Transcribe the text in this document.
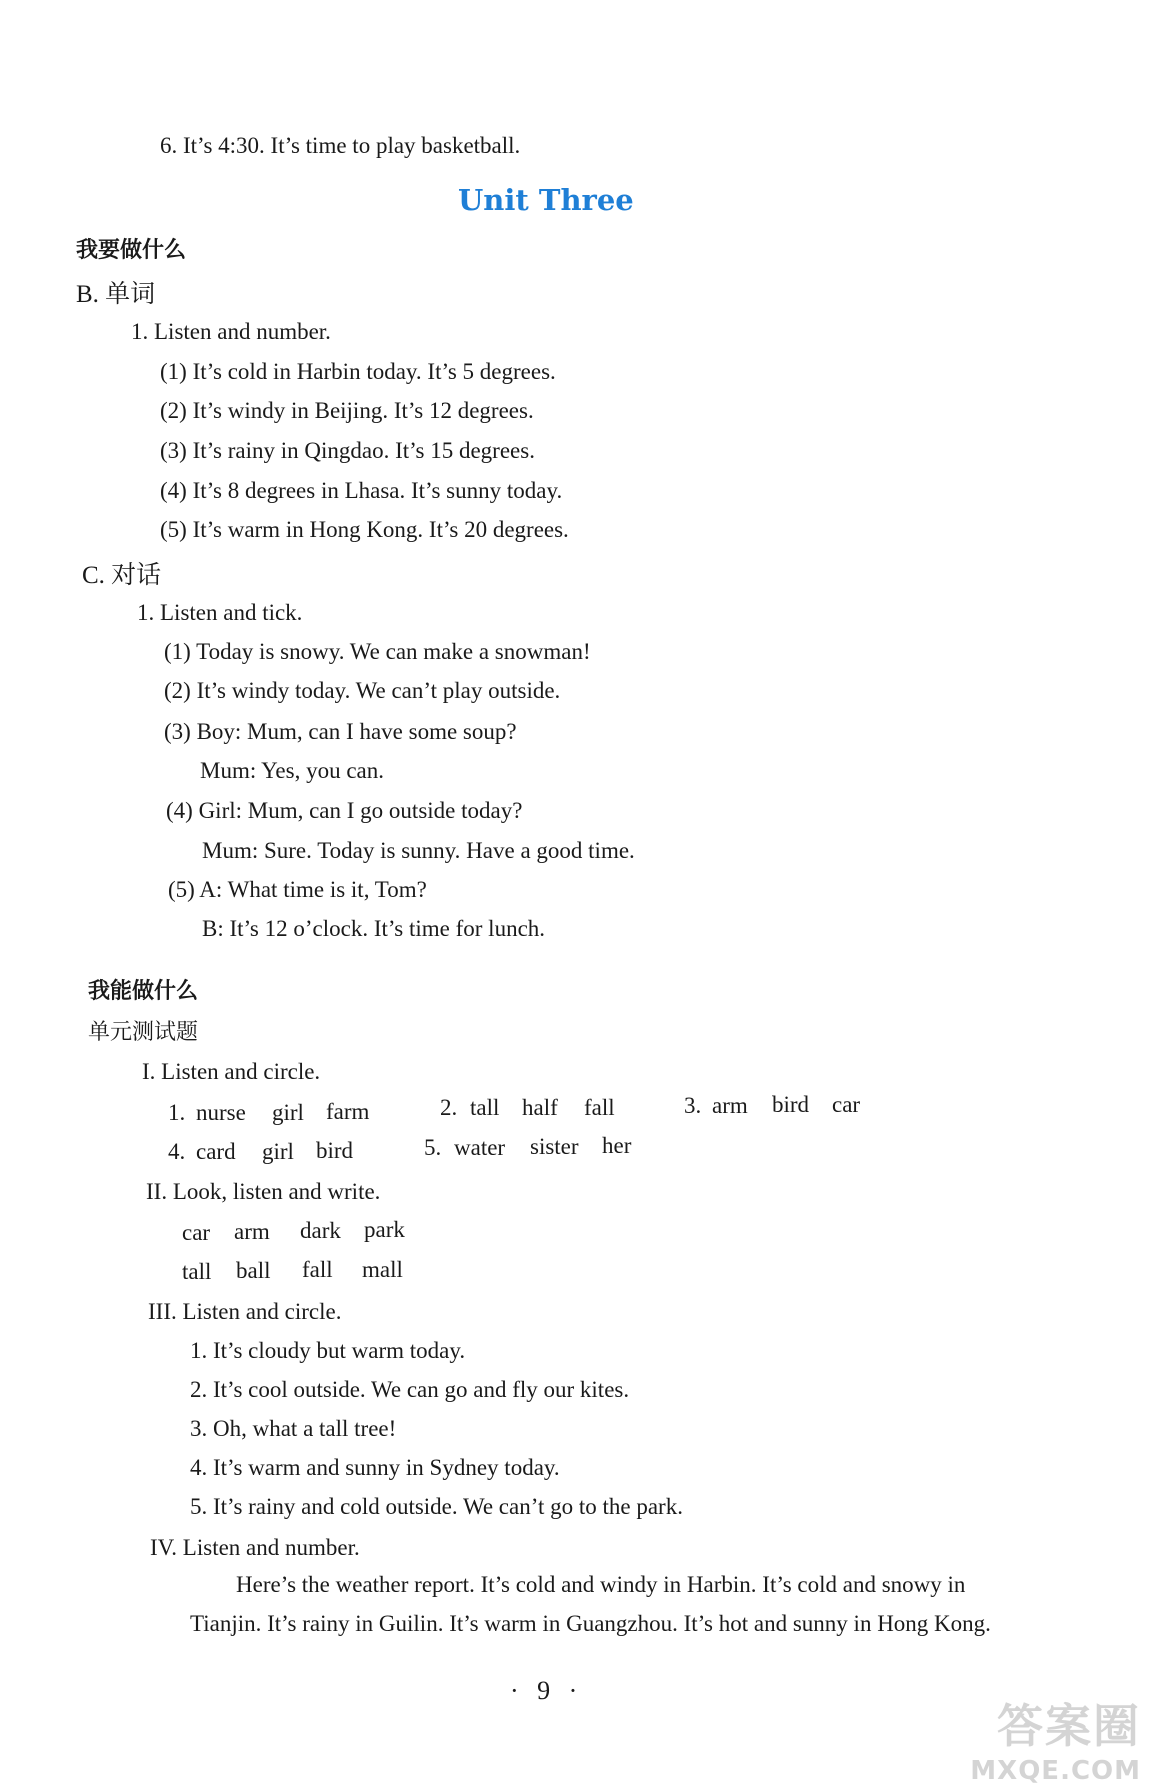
6. It’s 4:30. It’s time to play basketball.
Unit Three
我要做什么
B. 单词
1. Listen and number.
(1) It’s cold in Harbin today. It’s 5 degrees.
(2) It’s windy in Beijing. It’s 12 degrees.
(3) It’s rainy in Qingdao. It’s 15 degrees.
(4) It’s 8 degrees in Lhasa. It’s sunny today.
(5) It’s warm in Hong Kong. It’s 20 degrees.
C. 对话
1. Listen and tick.
(1) Today is snowy. We can make a snowman!
(2) It’s windy today. We can’t play outside.
(3) Boy: Mum, can I have some soup?
Mum: Yes, you can.
(4) Girl: Mum, can I go outside today?
Mum: Sure. Today is sunny. Have a good time.
(5) A: What time is it, Tom?
B: It’s 12 o’clock. It’s time for lunch.
我能做什么
单元测试题
I. Listen and circle.
1. nurse girl farm	2. tall half fall	3. arm bird car
4. card girl bird	5. water sister her
II. Look, listen and write.
car arm dark park
tall ball fall mall
III. Listen and circle.
1. It’s cloudy but warm today.
2. It’s cool outside. We can go and fly our kites.
3. Oh, what a tall tree!
4. It’s warm and sunny in Sydney today.
5. It’s rainy and cold outside. We can’t go to the park.
IV. Listen and number.
Here’s the weather report. It’s cold and windy in Harbin. It’s cold and snowy in
Tianjin. It’s rainy in Guilin. It’s warm in Guangzhou. It’s hot and sunny in Hong Kong.
· 9 ·
答案圈
MXQE.COM
